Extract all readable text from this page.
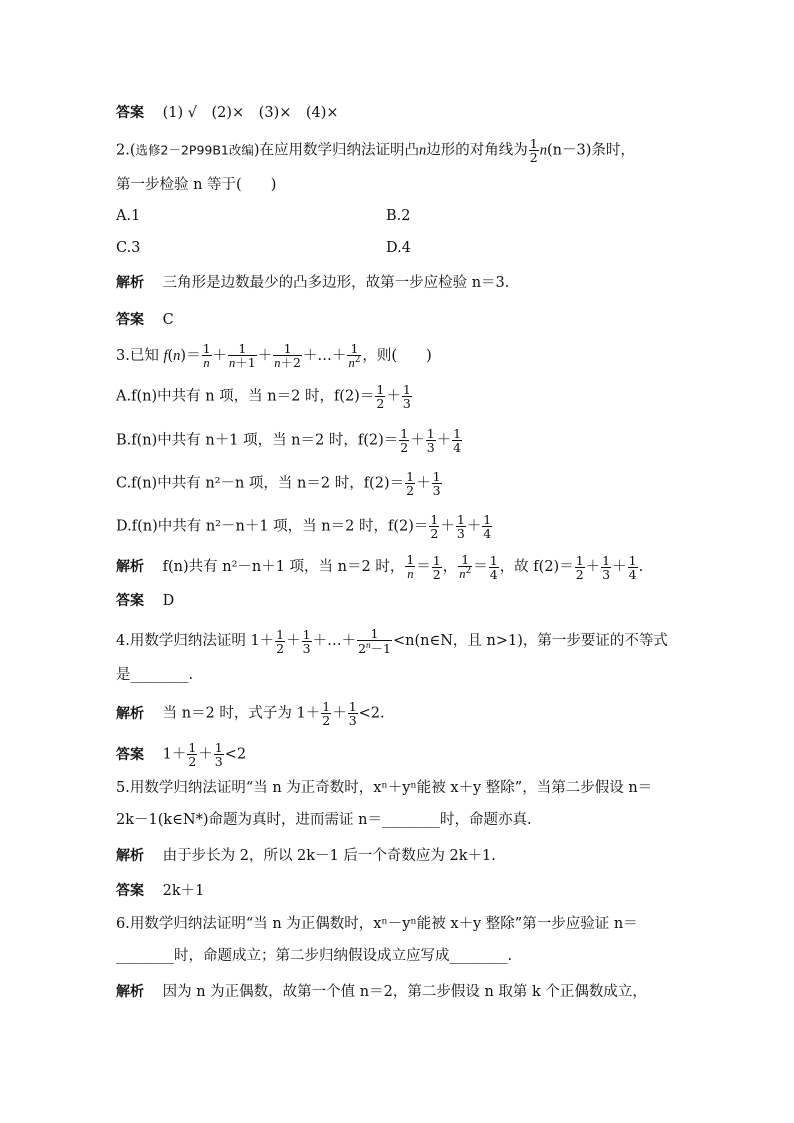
答案 (1) √　(2)×　(3)×　(4)×
2.(选修2－2P99B1改编)在应用数学归纳法证明凸n边形的对角线为 $\frac{1}{2} n(n-3)$条时，
第一步检验 n 等于(　　)
A.1	B.2
C.3	D.4
解析 三角形是边数最少的凸多边形，故第一步应检验 n＝3.
答案 C
3.已知 $f(n)= \frac{1}{n} + \frac{1}{n+1} + \frac{1}{n+2}$ ＋…＋ $\frac{1}{n^2}$ ，则(　　)
A.f(n)中共有 n 项，当 n＝2 时，$f(2)= \frac{1}{2} + \frac{1}{3}$
B.f(n)中共有 n＋1 项，当 n＝2 时，$f(2)= \frac{1}{2} + \frac{1}{3} + \frac{1}{4}$
C.f(n)中共有 n²－n 项，当 n＝2 时，$f(2)= \frac{1}{2} + \frac{1}{3}$
D.f(n)中共有 n²－n＋1 项，当 n＝2 时，$f(2)= \frac{1}{2} + \frac{1}{3} + \frac{1}{4}$
解析 f(n)共有 n²－n＋1 项，当 n＝2 时， $\frac{1}{n} = \frac{1}{2}$ ， $\frac{1}{n^2} = \frac{1}{4}$ ，故 $f(2)= \frac{1}{2} + \frac{1}{3} + \frac{1}{4}$ .
答案 D
4.用数学归纳法证明 $1+ \frac{1}{2} + \frac{1}{3}$ ＋…＋ $\frac{1}{2^n-1}$ <n(n∈N，且 n>1)，第一步要证的不等式
是________.
解析 当 n＝2 时，式子为 $1+ \frac{1}{2} + \frac{1}{3} <2$.
答案 $1+ \frac{1}{2} + \frac{1}{3} <2$
5.用数学归纳法证明“当 n 为正奇数时，xⁿ＋yⁿ能被 x＋y 整除”，当第二步假设 n＝
2k－1(k∈N*)命题为真时，进而需证 n＝________时，命题亦真.
解析 由于步长为 2，所以 2k－1 后一个奇数应为 2k＋1.
答案 2k＋1
6.用数学归纳法证明“当 n 为正偶数时，xⁿ－yⁿ能被 x＋y 整除”第一步应验证 n＝
________时，命题成立；第二步归纳假设成立应写成________.
解析 因为 n 为正偶数，故第一个值 n＝2，第二步假设 n 取第 k 个正偶数成立，
